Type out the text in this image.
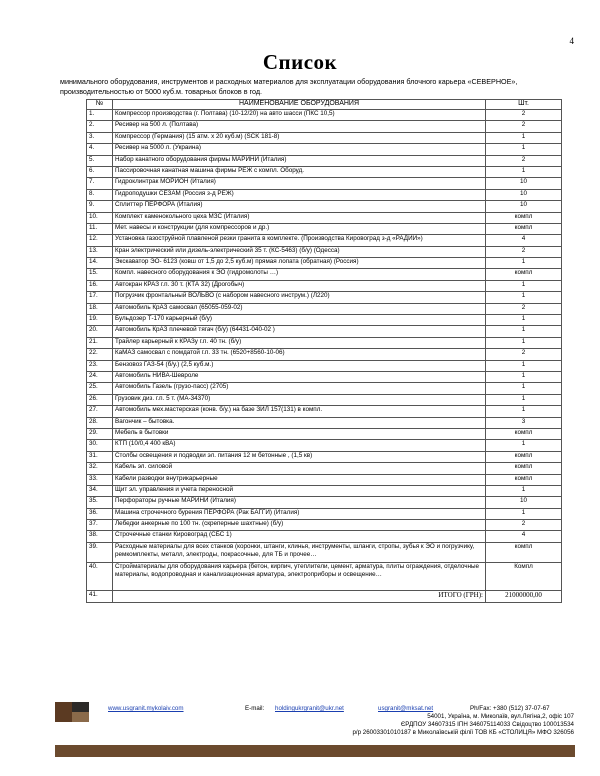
4
Список
минимального оборудования, инструментов и расходных материалов для эксплуатации оборудования блочного карьера «СЕВЕРНОЕ»,
производительностью от 5000 куб.м. товарных блоков в год.
№	НАИМЕНОВАНИЕ ОБОРУДОВАНИЯ	Шт.
1.	Компрессор производства (г. Полтава) (10-12/20) на авто шасси (ПКС 10,5)	2
2.	Ресивер на 500 л. (Полтава)	2
3.	Компрессор (Германия) (15 атм. х 20 куб.м) (SCK 181-8)	1
4.	Ресивер на 5000 л. (Украина)	1
5.	Набор канатного оборудования фирмы МАРИНИ (Италия)	2
6.	Пассировочная канатная машина фирмы РЕЖ с компл. Оборуд.	1
7.	Гидроклинтрак МОРИОН (Италия)	10
8.	Гидроподушки СЕЗАМ (Россия з-д РЕЖ)	10
9.	Сплиттер ПЕРФОРА (Италия)	10
10.	Комплект каменокольного цеха МЗС (Италия)	компл
11.	Мет. навесы и конструкции (для компрессоров и др.)	компл
12.	Установка газоструйной плавленой резки гранита в комплекте. (Производства Кировоград з-д «РАДИЙ»)	4
13.	Кран электрический или дизель-электрический 35 т. (КС-5463) (б/у) (Одесса)	2
14.	Экскаватор ЭО- 6123 (ковш от 1,5 до 2,5 куб.м) прямая лопата (обратная) (Россия)	1
15.	Компл. навесного оборудования к ЭО (гидромолоты …)	компл
16.	Автокран КРАЗ г.п. 30 т. (КТА 32) (Дрогобыч)	1
17.	Погрузчик фронтальный ВОЛЬВО (с набором навесного инструм.) (Л220)	1
18.	Автомобиль КрАЗ самосвал (65055-059-02)	2
19.	Бульдозер Т-170 карьерный (б/у)	1
20.	Автомобиль КрАЗ плечевой тягач (б/у) (64431-040-02 )	1
21.	Трайлер карьерный к КРАЗу г.п. 40 тн. (б/у)	1
22.	КаМАЗ самосвал с помдатой г.п. 33 тн. (6520+8560-10-06)	2
23.	Бензовоз ГАЗ-54 (б/у.) (2,5 куб.м.)	1
24.	Автомобиль НИВА-Шевроле	1
25.	Автомобиль Газель (грузо-пасс) (2705)	1
26.	Грузовик диз. г.п. 5 т. (МА-34370)	1
27.	Автомобиль мех.мастерская (конв. б/у.) на базе ЗИЛ 157(131) в компл.	1
28.	Вагончик – бытовка.	3
29.	Мебель в бытовки	компл
30.	КТП (10/0,4 400 кВА)	1
31.	Столбы освещения и подводки эл. питания 12 м бетонные , (1,5 кв)	компл
32.	Кабель эл. силовой	компл
33.	Кабели разводки внутрикарьерные	компл
34.	Щит эл. управления и учета переносной	1
35.	Перфораторы ручные МАРИНИ (Италия)	10
36.	Машина строчечного бурения ПЕРФОРА (Рак БАГГИ) (Италия)	1
37.	Лебедки анкерные по 100 тн. (скреперные шахтные) (б/у)	2
38.	Строчечные станки Кировоград (СБС 1)	4
39.	Расходные материалы для всех станков (коронки, штанги, клинья, инструменты, шланги, стропы, зубья к ЭО и погрузчику, ремкомплекты, металл, электроды, покрасочные, для ТБ и прочее…	компл
40.	Стройматериалы для оборудования карьера (бетон, кирпич, утеплители, цемент, арматура, плиты ограждения, отделочные материалы, водопроводная и канализационная арматура, электроприборы и освещение…	Компл
41.	ИТОГО (ГРН):	21000000,00
www.usgranit.mykolaiv.com	E-mail: holdingukrgranit@ukr.net	usgranit@mksat.net	Ph/Fax: +380 (512) 37-07-67
54001, Україна, м. Миколаїв, вул.Лягіна,2, офіс 107
ЄРДПОУ 34607315 ІПН 346075114033 Свідоцтво 100013534
р/р 26003301010187 в Миколаївській філії ТОВ КБ «СТОЛИЦЯ» МФО 326056
